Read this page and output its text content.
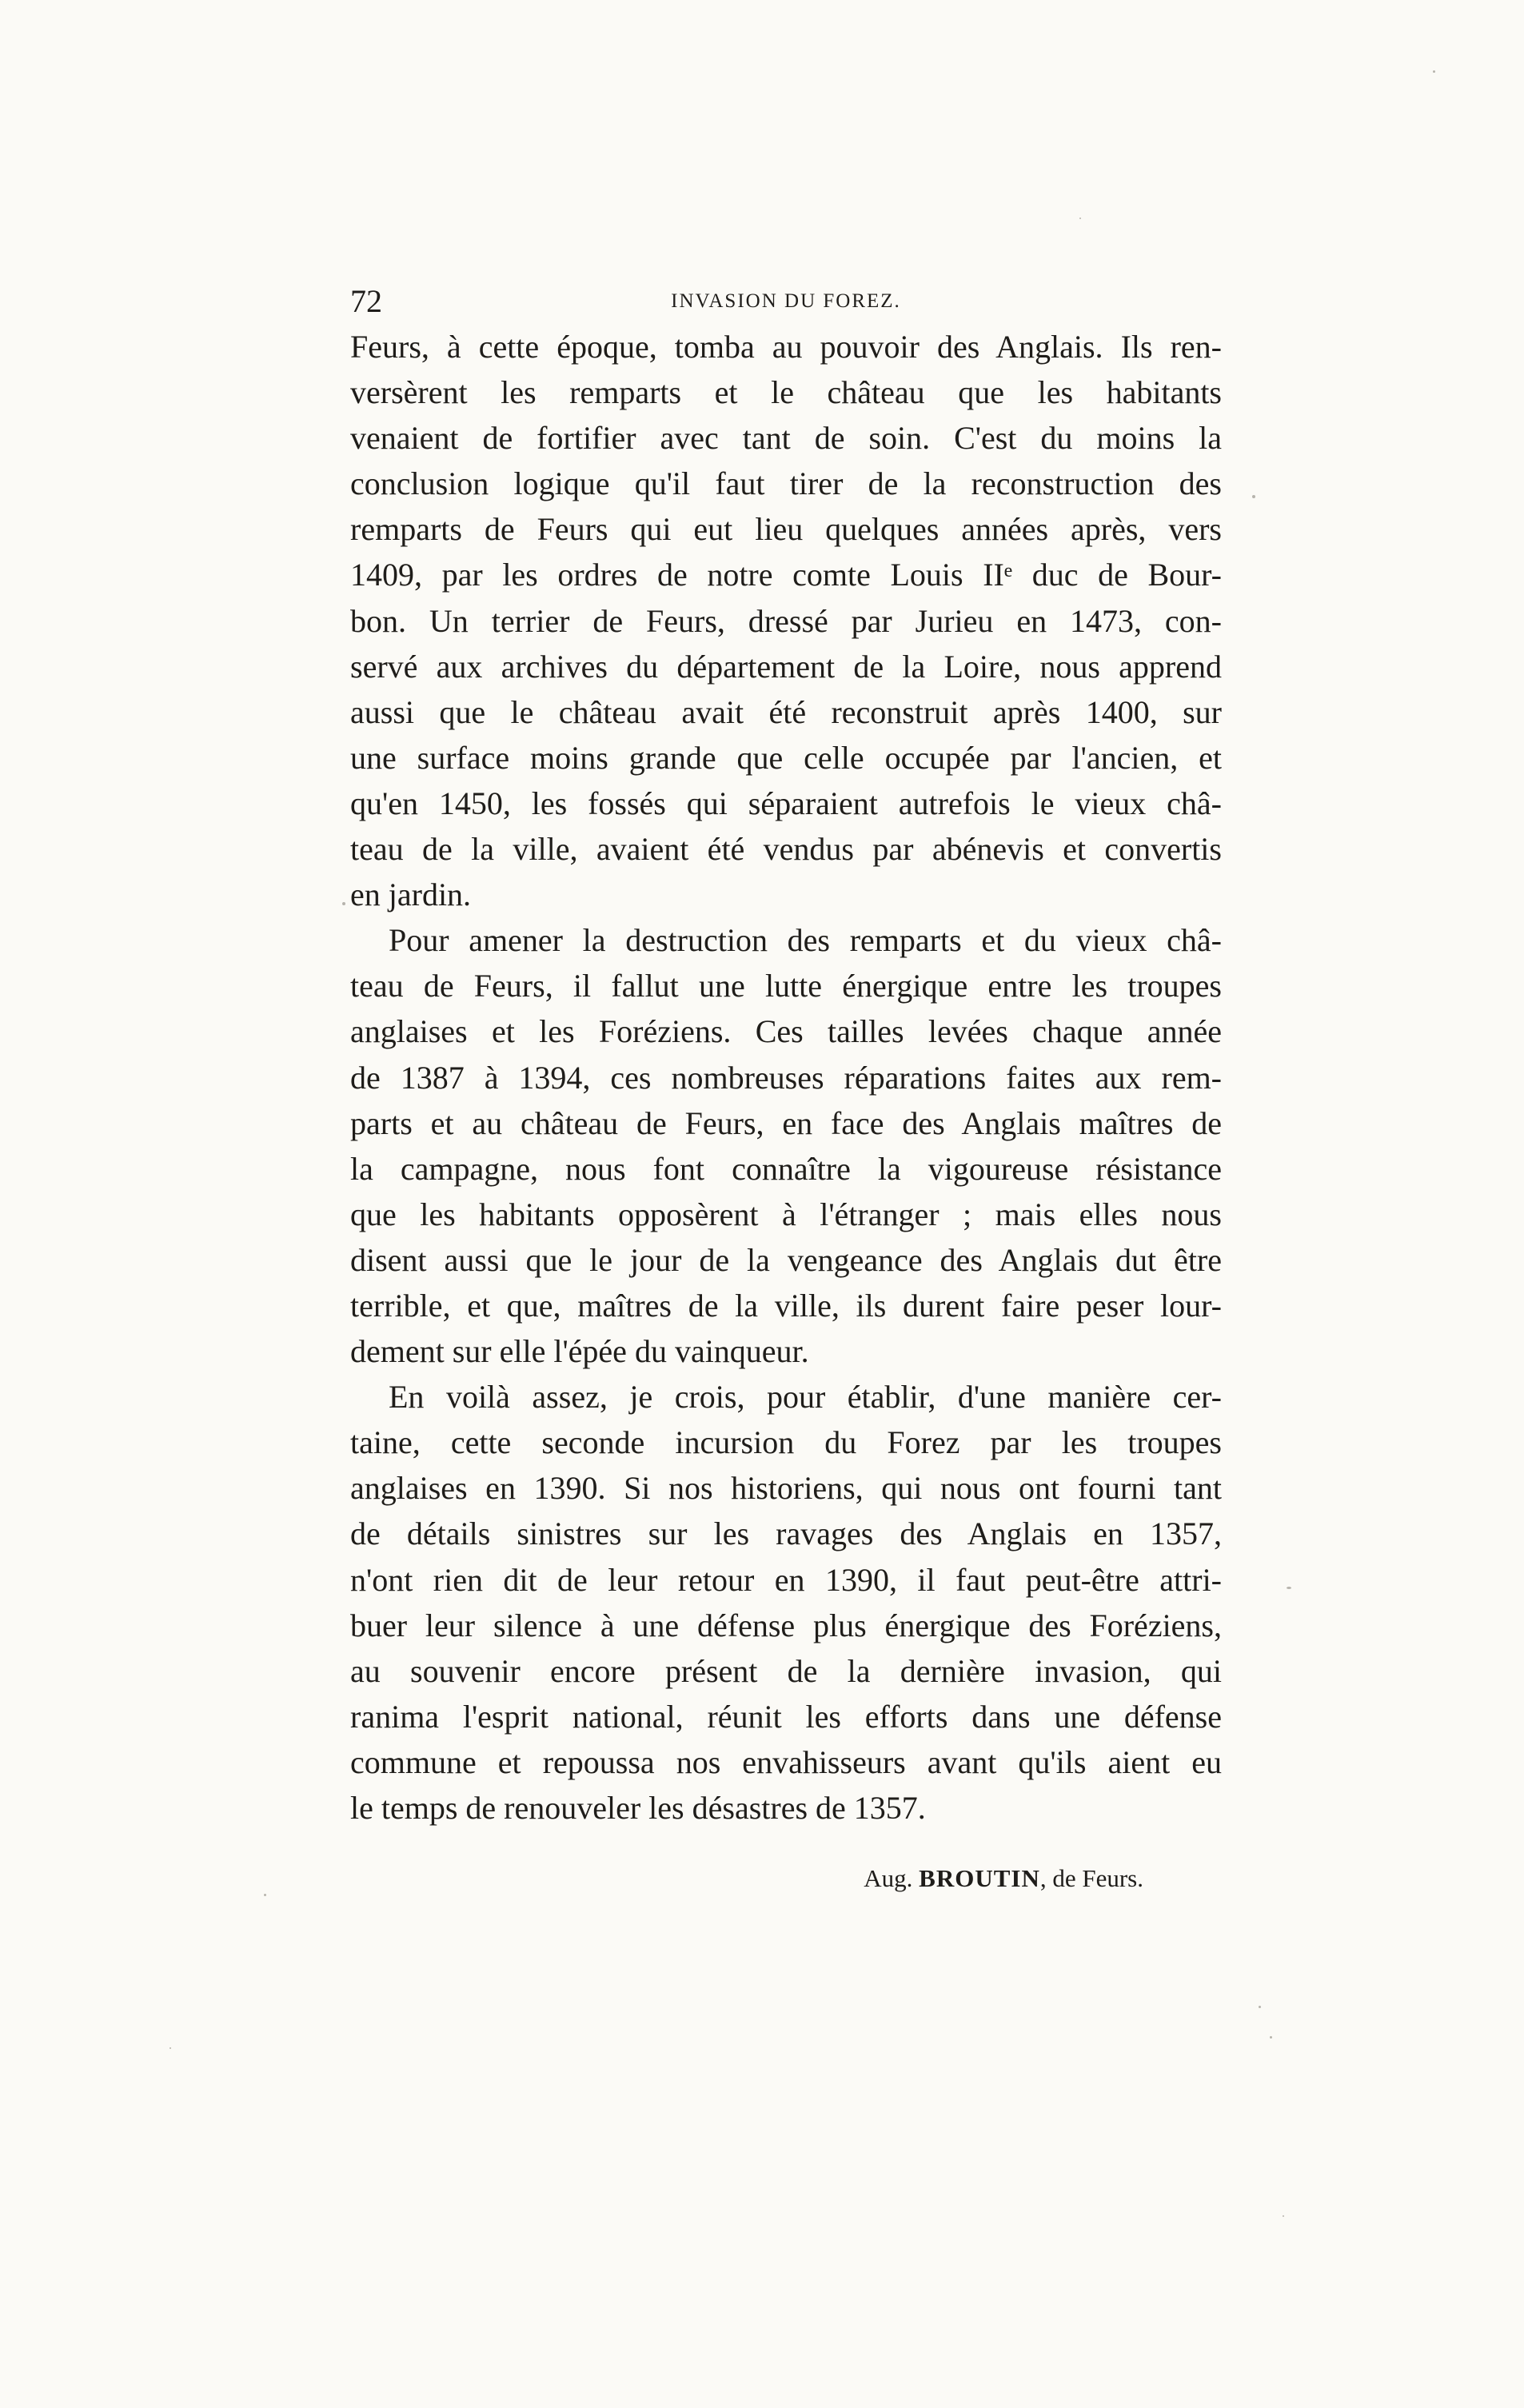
72	INVASION DU FOREZ.
Feurs, à cette époque, tomba au pouvoir des Anglais. Ils ren-
versèrent les remparts et le château que les habitants
venaient de fortifier avec tant de soin. C'est du moins la
conclusion logique qu'il faut tirer de la reconstruction des
remparts de Feurs qui eut lieu quelques années après, vers
1409, par les ordres de notre comte Louis IIᵉ duc de Bour-
bon. Un terrier de Feurs, dressé par Jurieu en 1473, con-
servé aux archives du département de la Loire, nous apprend
aussi que le château avait été reconstruit après 1400, sur
une surface moins grande que celle occupée par l'ancien, et
qu'en 1450, les fossés qui séparaient autrefois le vieux châ-
teau de la ville, avaient été vendus par abénevis et convertis
en jardin.
Pour amener la destruction des remparts et du vieux châ-
teau de Feurs, il fallut une lutte énergique entre les troupes
anglaises et les Foréziens. Ces tailles levées chaque année
de 1387 à 1394, ces nombreuses réparations faites aux rem-
parts et au château de Feurs, en face des Anglais maîtres de
la campagne, nous font connaître la vigoureuse résistance
que les habitants opposèrent à l'étranger ; mais elles nous
disent aussi que le jour de la vengeance des Anglais dut être
terrible, et que, maîtres de la ville, ils durent faire peser lour-
dement sur elle l'épée du vainqueur.
En voilà assez, je crois, pour établir, d'une manière cer-
taine, cette seconde incursion du Forez par les troupes
anglaises en 1390. Si nos historiens, qui nous ont fourni tant
de détails sinistres sur les ravages des Anglais en 1357,
n'ont rien dit de leur retour en 1390, il faut peut-être attri-
buer leur silence à une défense plus énergique des Foréziens,
au souvenir encore présent de la dernière invasion, qui
ranima l'esprit national, réunit les efforts dans une défense
commune et repoussa nos envahisseurs avant qu'ils aient eu
le temps de renouveler les désastres de 1357.
Aug. BROUTIN, de Feurs.
